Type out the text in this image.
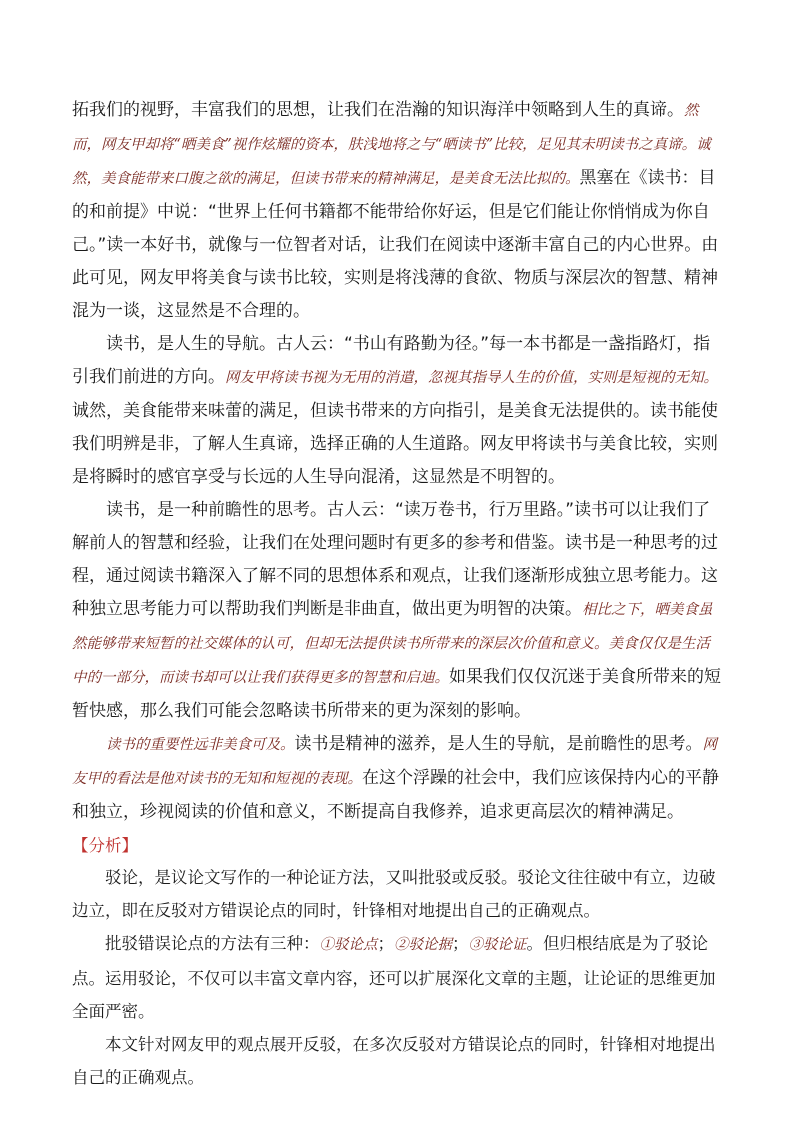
拓我们的视野，丰富我们的思想，让我们在浩瀚的知识海洋中领略到人生的真谛。然而，网友甲却将“晒美食”视作炫耀的资本，肤浅地将之与“晒读书”比较，足见其未明读书之真谛。诚然，美食能带来口腹之欲的满足，但读书带来的精神满足，是美食无法比拟的。黑塞在《读书：目的和前提》中说：“世界上任何书籍都不能带给你好运，但是它们能让你悄悄成为你自己。”读一本好书，就像与一位智者对话，让我们在阅读中逐渐丰富自己的内心世界。由此可见，网友甲将美食与读书比较，实则是将浅薄的食欲、物质与深层次的智慧、精神混为一谈，这显然是不合理的。

读书，是人生的导航。古人云：“书山有路勤为径。”每一本书都是一盏指路灯，指引我们前进的方向。网友甲将读书视为无用的消遣，忽视其指导人生的价值，实则是短视的无知。诚然，美食能带来味蕾的满足，但读书带来的方向指引，是美食无法提供的。读书能使我们明辨是非，了解人生真谛，选择正确的人生道路。网友甲将读书与美食比较，实则是将瞬时的感官享受与长远的人生导向混淆，这显然是不明智的。

读书，是一种前瞻性的思考。古人云：“读万卷书，行万里路。”读书可以让我们了解前人的智慧和经验，让我们在处理问题时有更多的参考和借鉴。读书是一种思考的过程，通过阅读书籍深入了解不同的思想体系和观点，让我们逐渐形成独立思考能力。这种独立思考能力可以帮助我们判断是非曲直，做出更为明智的决策。相比之下，晒美食虽然能够带来短暂的社交媒体的认可，但却无法提供读书所带来的深层次价值和意义。美食仅仅是生活中的一部分，而读书却可以让我们获得更多的智慧和启迪。如果我们仅仅沉迷于美食所带来的短暂快感，那么我们可能会忽略读书所带来的更为深刻的影响。

读书的重要性远非美食可及。读书是精神的滋养，是人生的导航，是前瞻性的思考。网友甲的看法是他对读书的无知和短视的表现。在这个浮躁的社会中，我们应该保持内心的平静和独立，珍视阅读的价值和意义，不断提高自我修养，追求更高层次的精神满足。

【分析】

驳论，是议论文写作的一种论证方法，又叫批驳或反驳。驳论文往往破中有立，边破边立，即在反驳对方错误论点的同时，针锋相对地提出自己的正确观点。

批驳错误论点的方法有三种：①驳论点；②驳论据；③驳论证。但归根结底是为了驳论点。运用驳论，不仅可以丰富文章内容，还可以扩展深化文章的主题，让论证的思维更加全面严密。

本文针对网友甲的观点展开反驳，在多次反驳对方错误论点的同时，针锋相对地提出自己的正确观点。
